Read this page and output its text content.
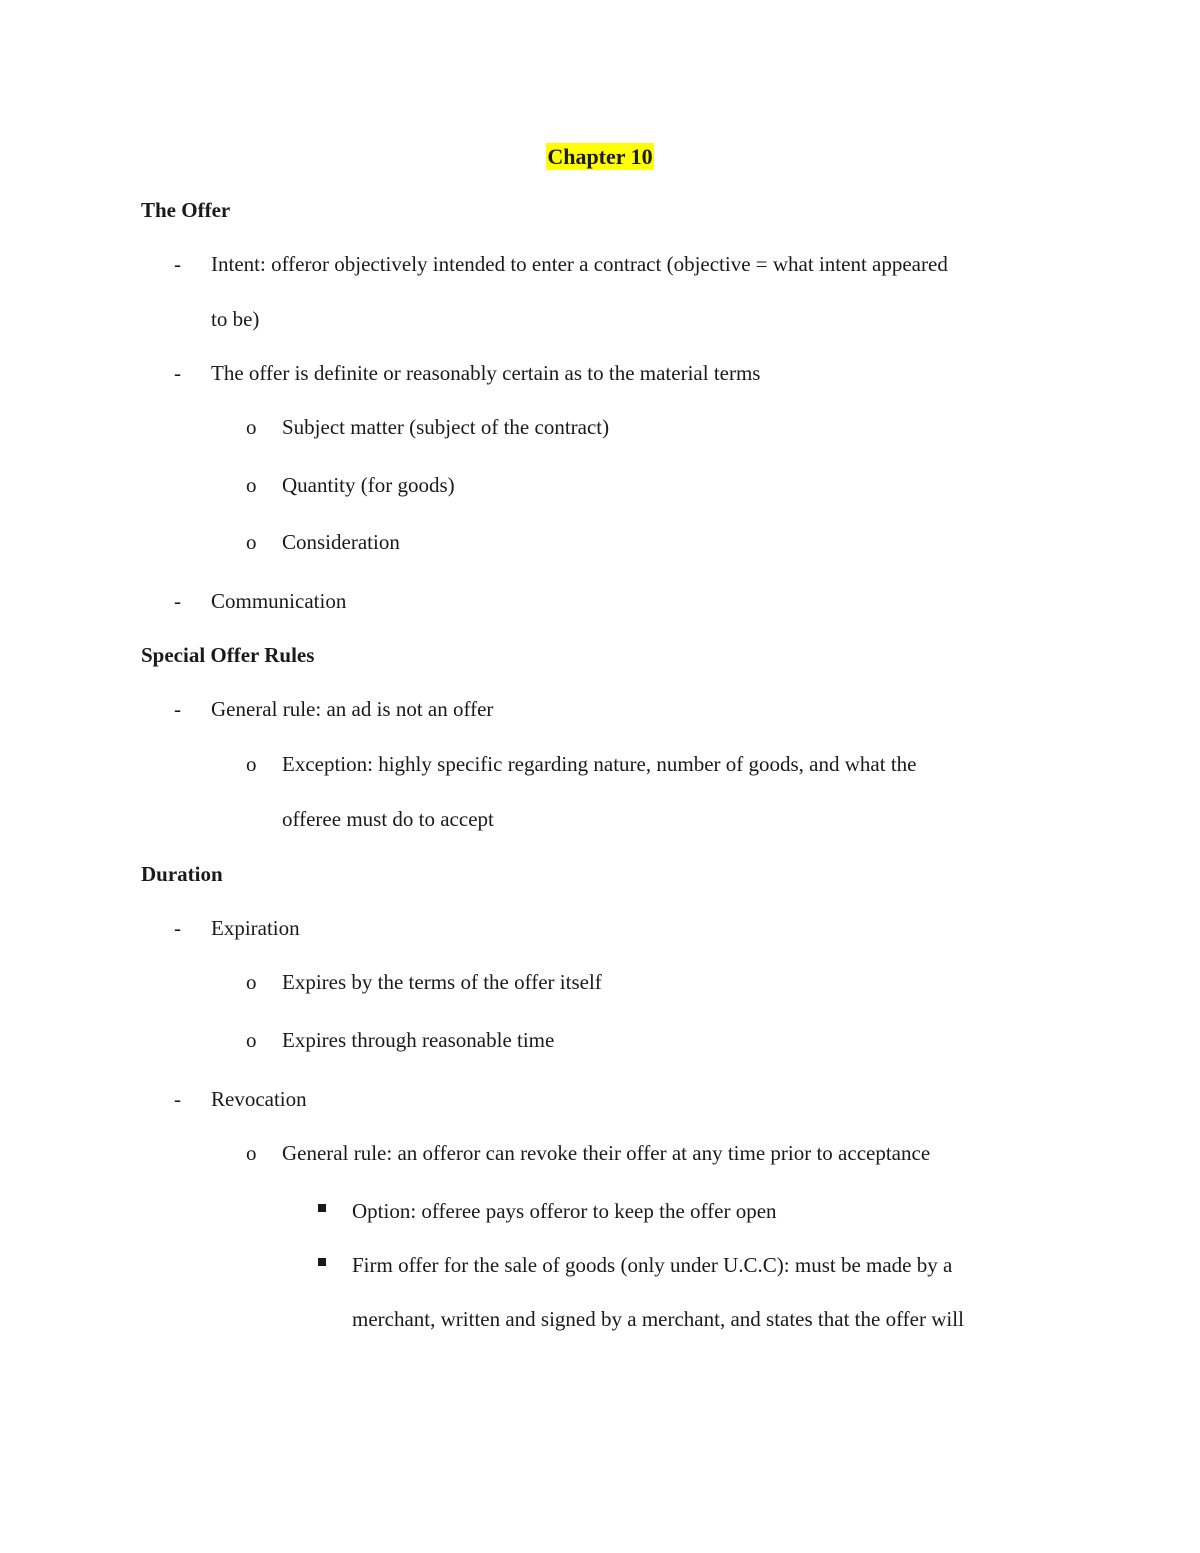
Chapter 10
The Offer
- Intent: offeror objectively intended to enter a contract (objective = what intent appeared
to be)
- The offer is definite or reasonably certain as to the material terms
o Subject matter (subject of the contract)
o Quantity (for goods)
o Consideration
- Communication
Special Offer Rules
- General rule: an ad is not an offer
o Exception: highly specific regarding nature, number of goods, and what the
offeree must do to accept
Duration
- Expiration
o Expires by the terms of the offer itself
o Expires through reasonable time
- Revocation
o General rule: an offeror can revoke their offer at any time prior to acceptance
Option: offeree pays offeror to keep the offer open
Firm offer for the sale of goods (only under U.C.C): must be made by a
merchant, written and signed by a merchant, and states that the offer will
